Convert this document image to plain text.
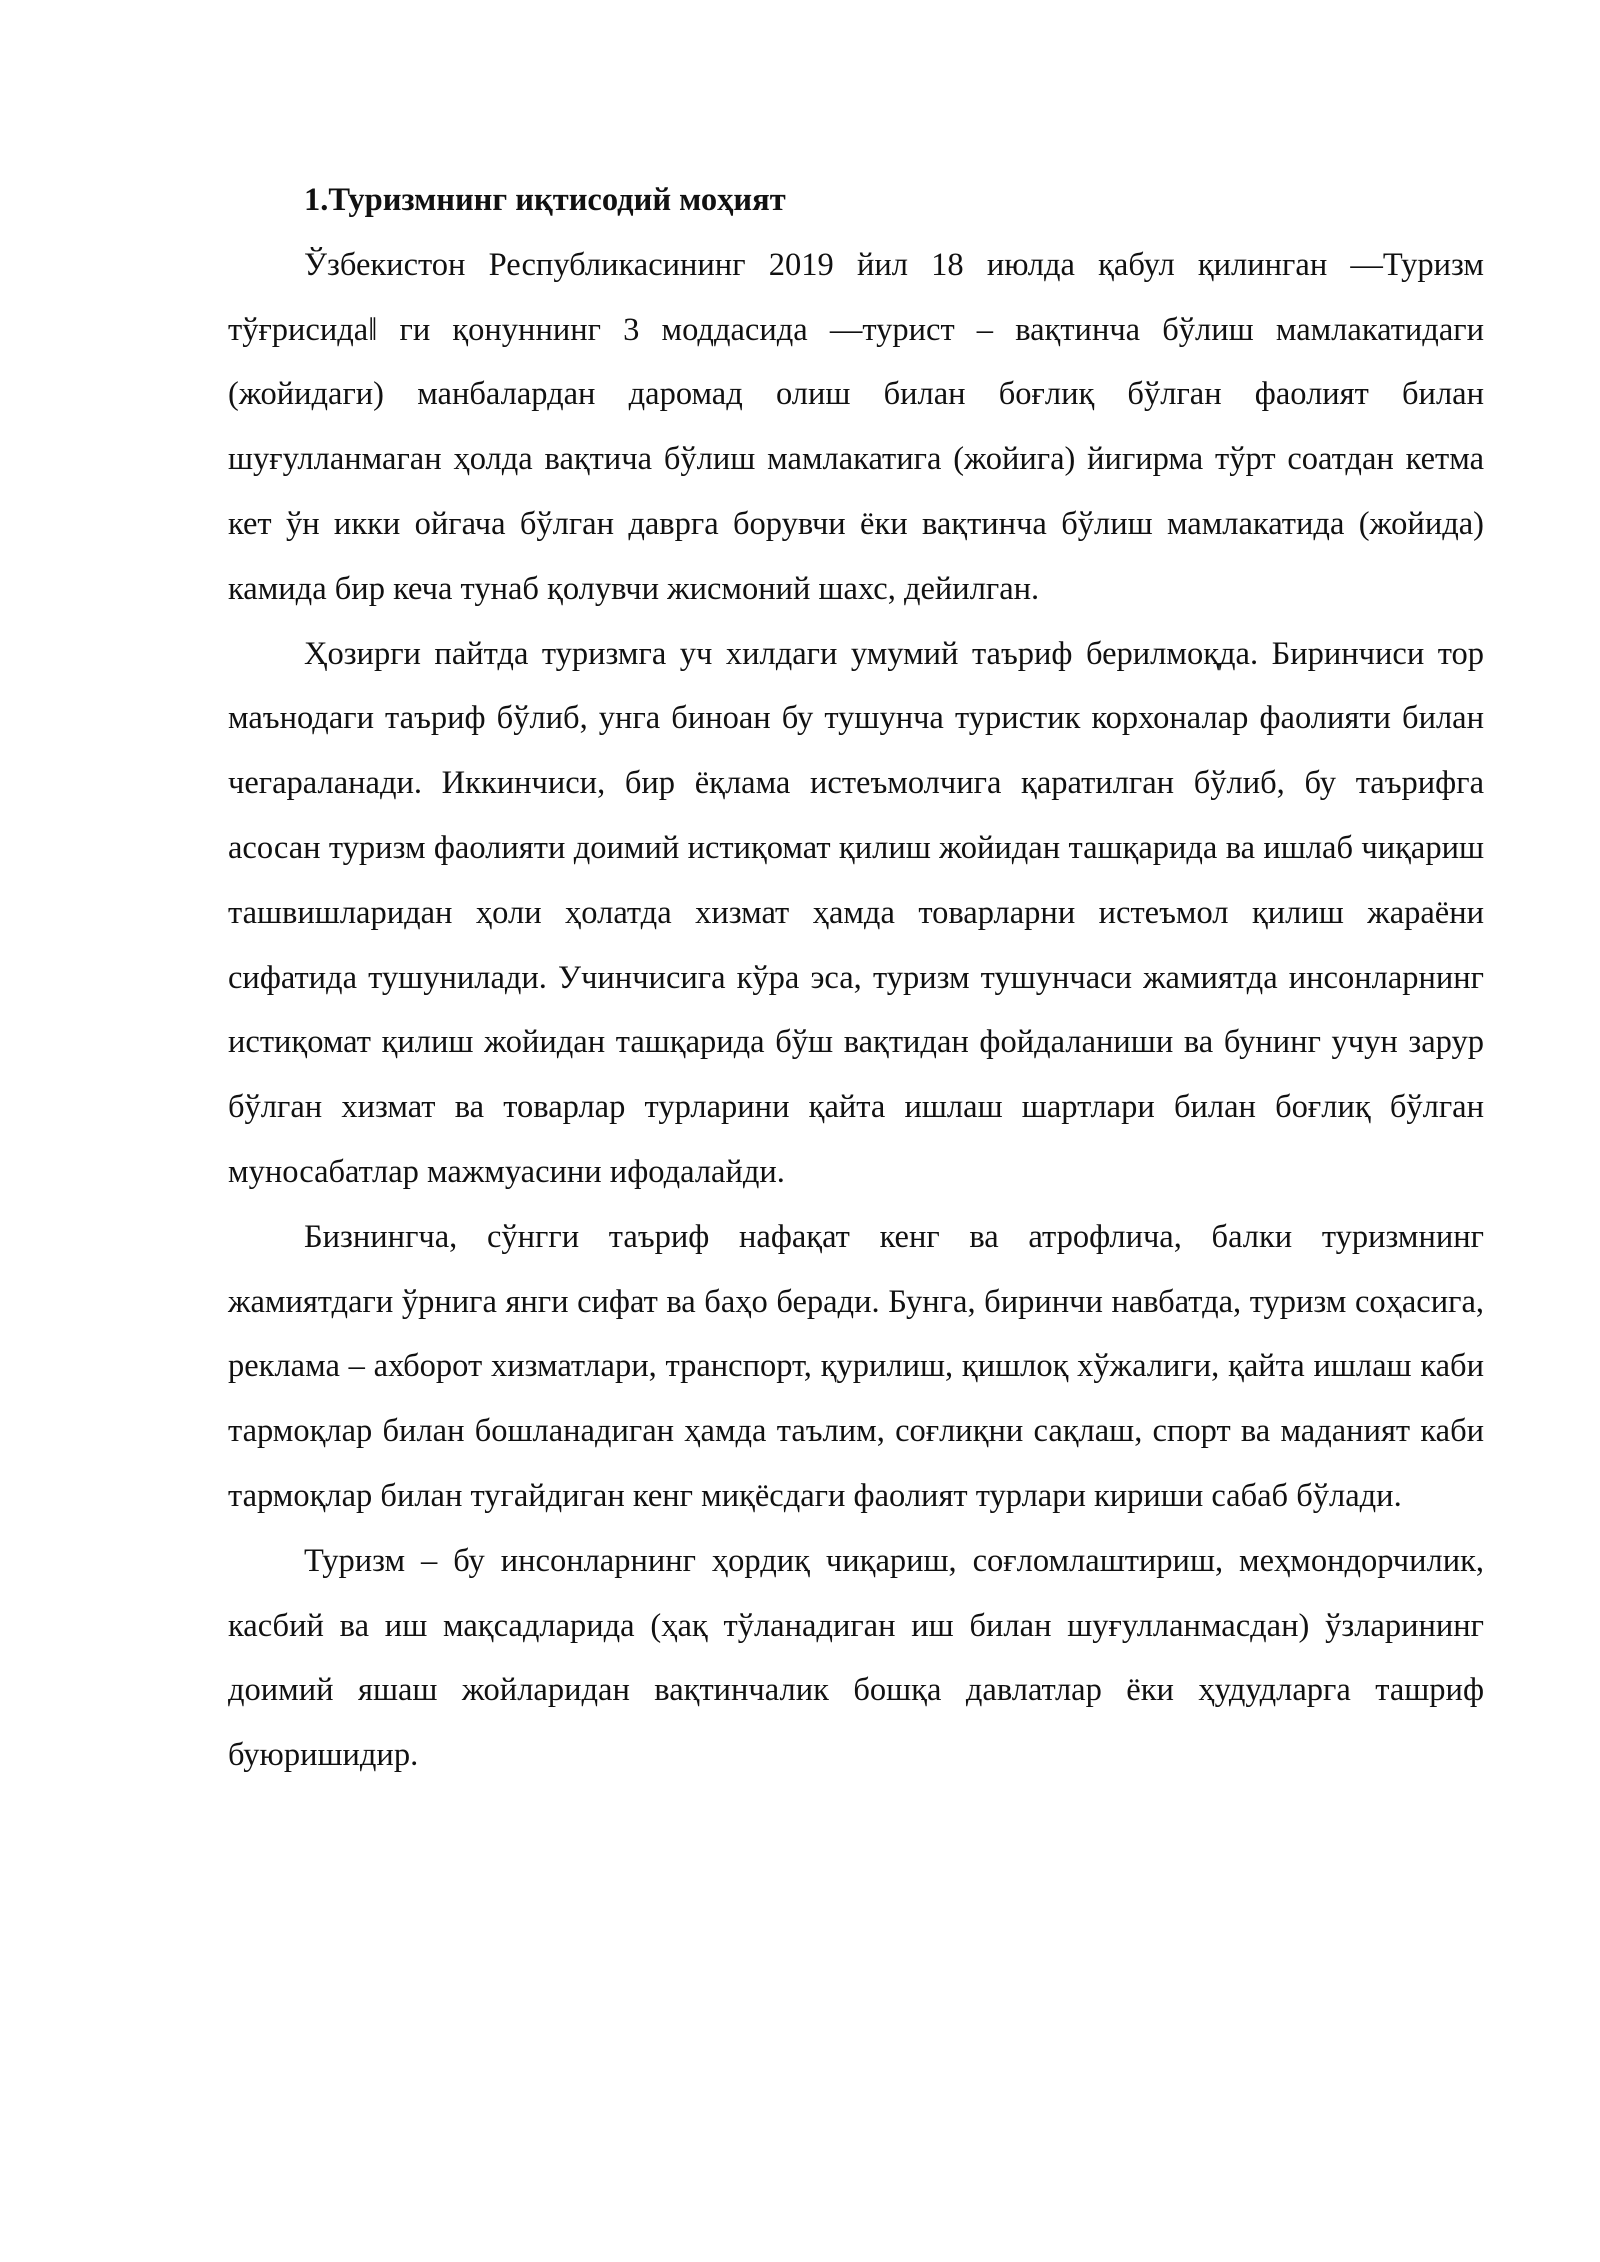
1.Туризмнинг иқтисодий моҳият

Ўзбекистон Республикасининг 2019 йил 18 июлда қабул қилинган ―Туризм тўғрисида‖ ги қонуннинг 3 моддасида ―турист – вақтинча бўлиш мамлакатидаги (жойидаги) манбалардан даромад олиш билан боғлиқ бўлган фаолият билан шуғулланмаган ҳолда вақтича бўлиш мамлакатига (жойига) йигирма тўрт соатдан кетма кет ўн икки ойгача бўлган даврга борувчи ёки вақтинча бўлиш мамлакатида (жойида) камида бир кеча тунаб қолувчи жисмоний шахс, дейилган.

Ҳозирги пайтда туризмга уч хилдаги умумий таъриф берилмоқда. Биринчиси тор маънодаги таъриф бўлиб, унга биноан бу тушунча туристик корхоналар фаолияти билан чегараланади. Иккинчиси, бир ёқлама истеъмолчига қаратилган бўлиб, бу таърифга асосан туризм фаолияти доимий истиқомат қилиш жойидан ташқарида ва ишлаб чиқариш ташвишларидан ҳоли ҳолатда хизмат ҳамда товарларни истеъмол қилиш жараёни сифатида тушунилади. Учинчисига кўра эса, туризм тушунчаси жамиятда инсонларнинг истиқомат қилиш жойидан ташқарида бўш вақтидан фойдаланиши ва бунинг учун зарур бўлган хизмат ва товарлар турларини қайта ишлаш шартлари билан боғлиқ бўлган муносабатлар мажмуасини ифодалайди.

Бизнингча, сўнгги таъриф нафақат кенг ва атрофлича, балки туризмнинг жамиятдаги ўрнига янги сифат ва баҳо беради. Бунга, биринчи навбатда, туризм соҳасига, реклама – ахборот хизматлари, транспорт, қурилиш, қишлоқ хўжалиги, қайта ишлаш каби тармоқлар билан бошланадиган ҳамда таълим, соғлиқни сақлаш, спорт ва маданият каби тармоқлар билан тугайдиган кенг миқёсдаги фаолият турлари кириши сабаб бўлади.

Туризм – бу инсонларнинг ҳордиқ чиқариш, соғломлаштириш, меҳмондорчилик, касбий ва иш мақсадларида (ҳақ тўланадиган иш билан шуғулланмасдан) ўзларининг доимий яшаш жойларидан вақтинчалик бошқа давлатлар ёки ҳудудларга ташриф буюришидир.
